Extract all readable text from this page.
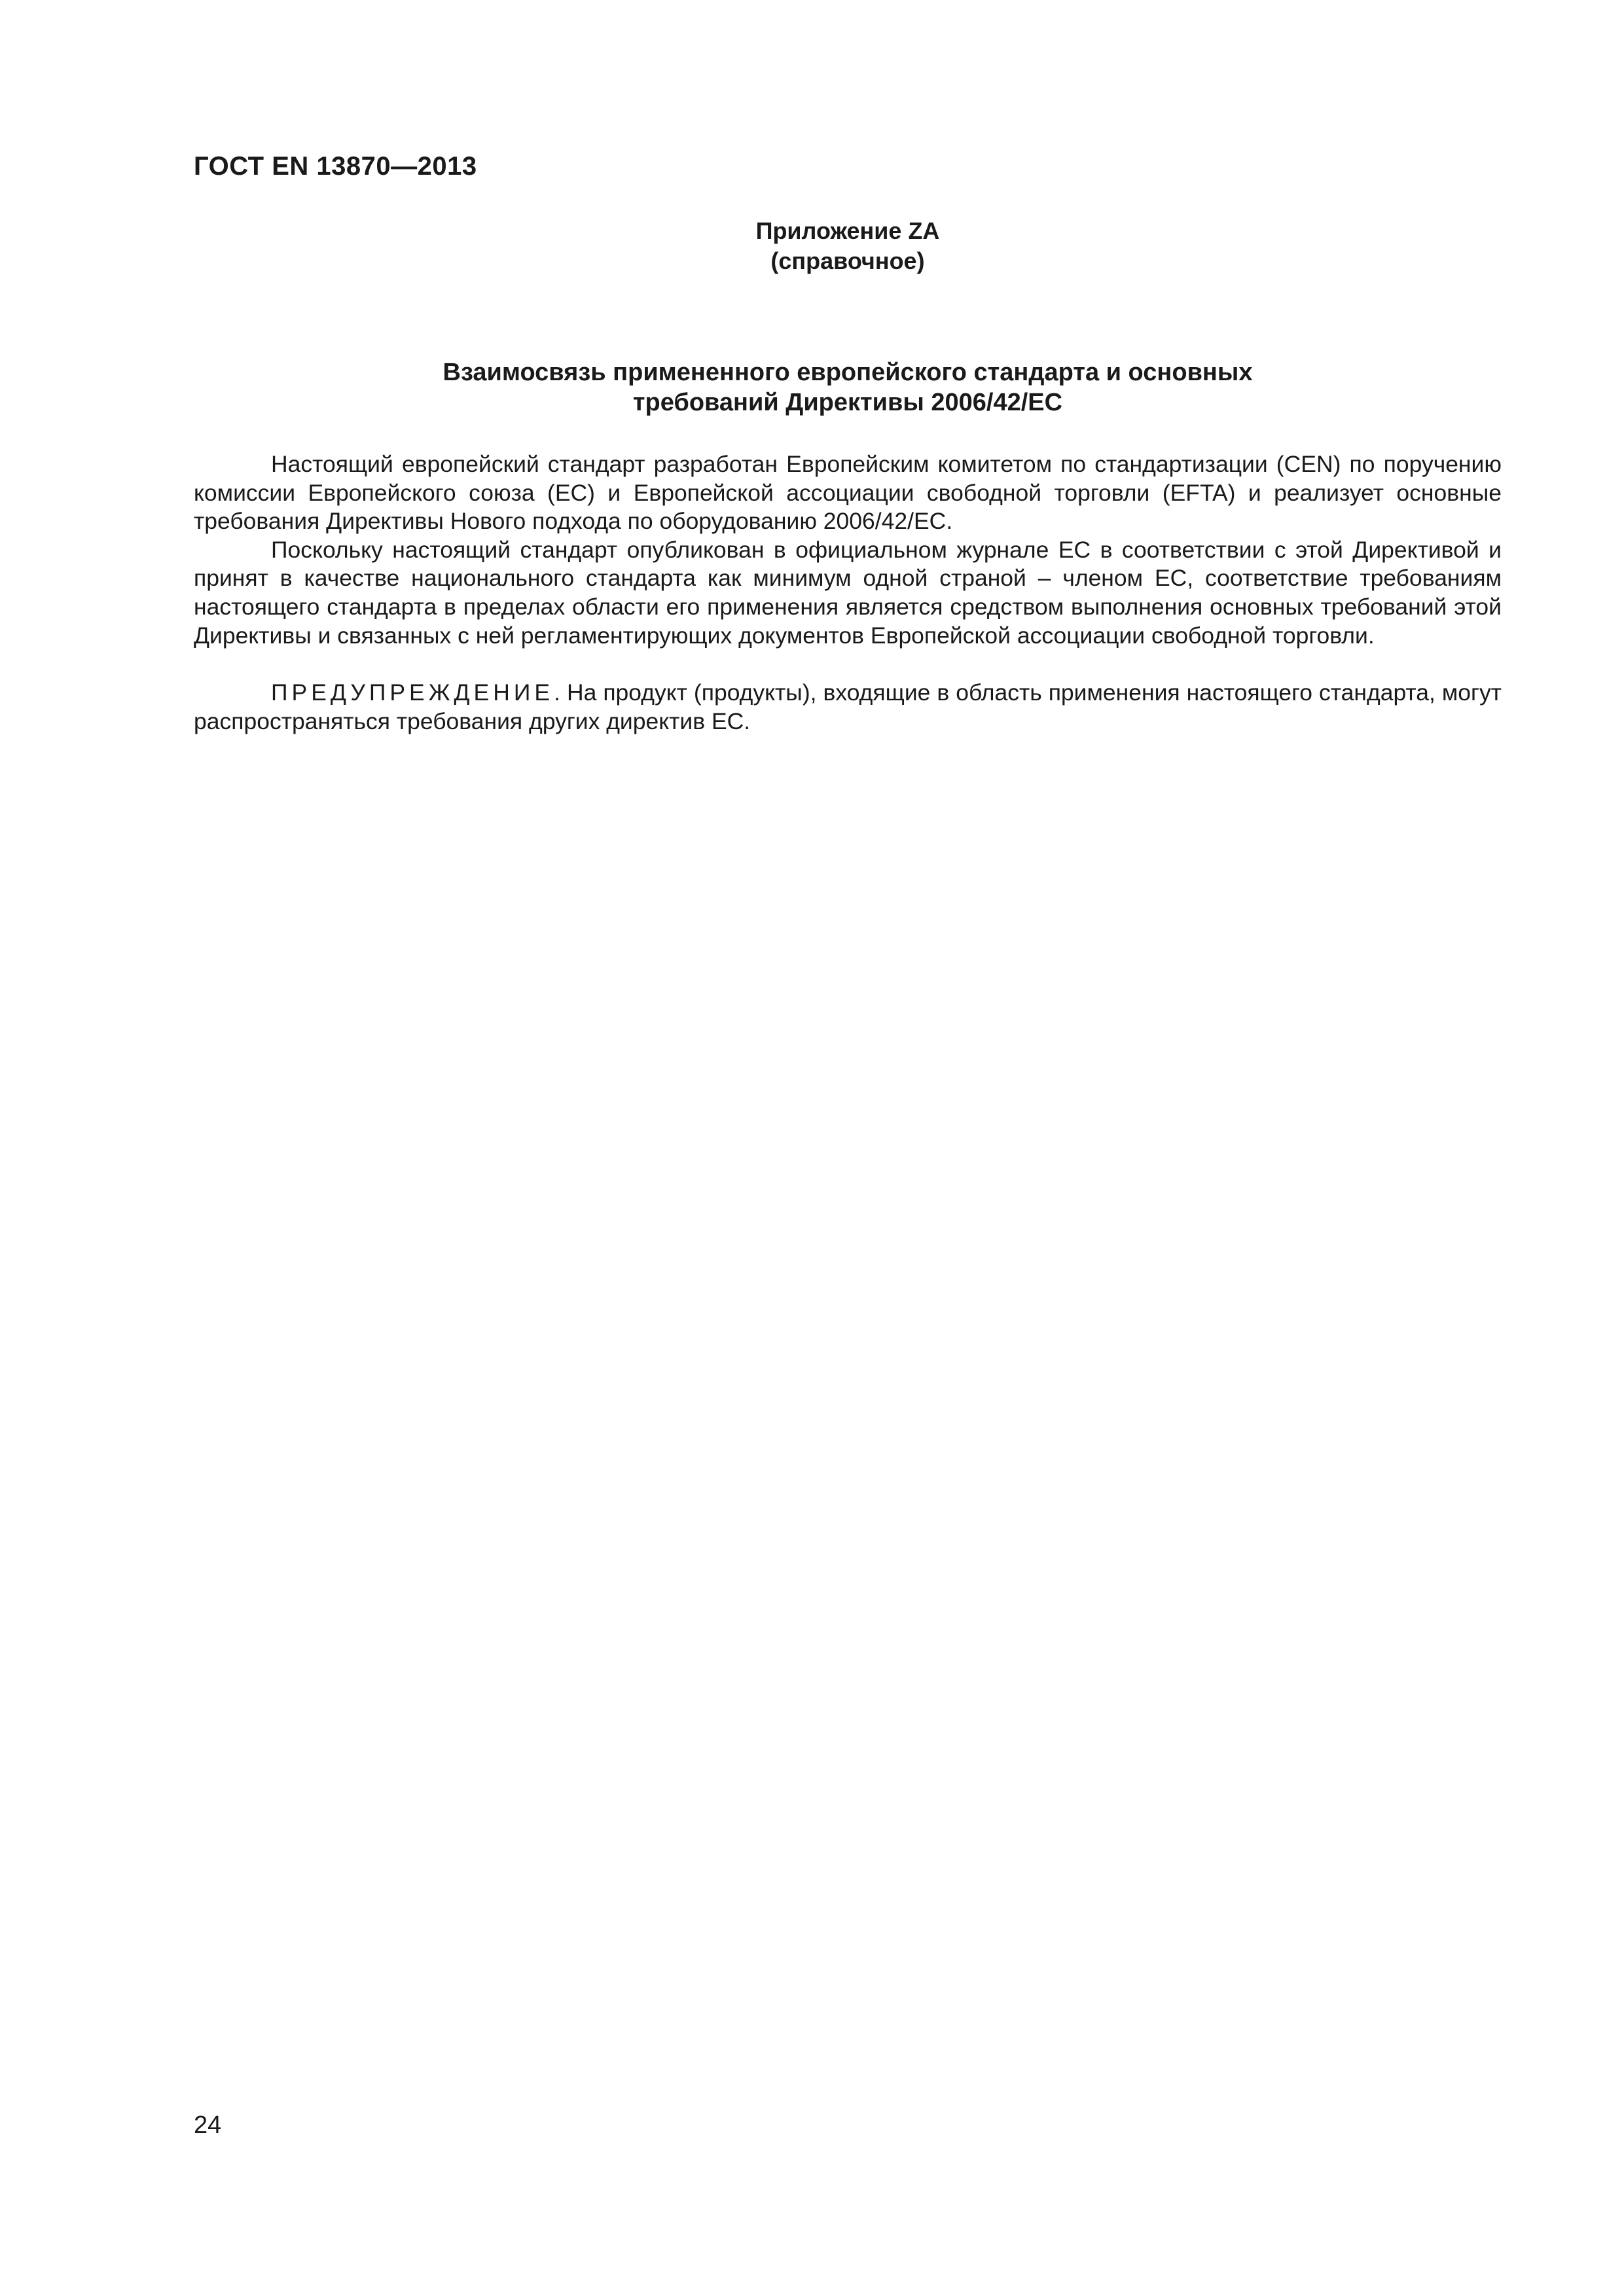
ГОСТ EN 13870—2013
Приложение ZA
(справочное)
Взаимосвязь примененного европейского стандарта и основных
требований Директивы 2006/42/ЕС

Настоящий европейский стандарт разработан Европейским комитетом по стандартизации (CEN) по поручению комиссии Европейского союза (ЕС) и Европейской ассоциации свободной торговли (EFTA) и реализует основные требования Директивы Нового подхода по оборудованию 2006/42/ЕС.

Поскольку настоящий стандарт опубликован в официальном журнале ЕС в соответствии с этой Директивой и принят в качестве национального стандарта как минимум одной страной – членом ЕС, соответствие требованиям настоящего стандарта в пределах области его применения является средством выполнения основных требований этой Директивы и связанных с ней регламентирующих документов Европейской ассоциации свободной торговли.

ПРЕДУПРЕЖДЕНИЕ. На продукт (продукты), входящие в область применения настоящего стандарта, могут распространяться требования других директив ЕС.

24
